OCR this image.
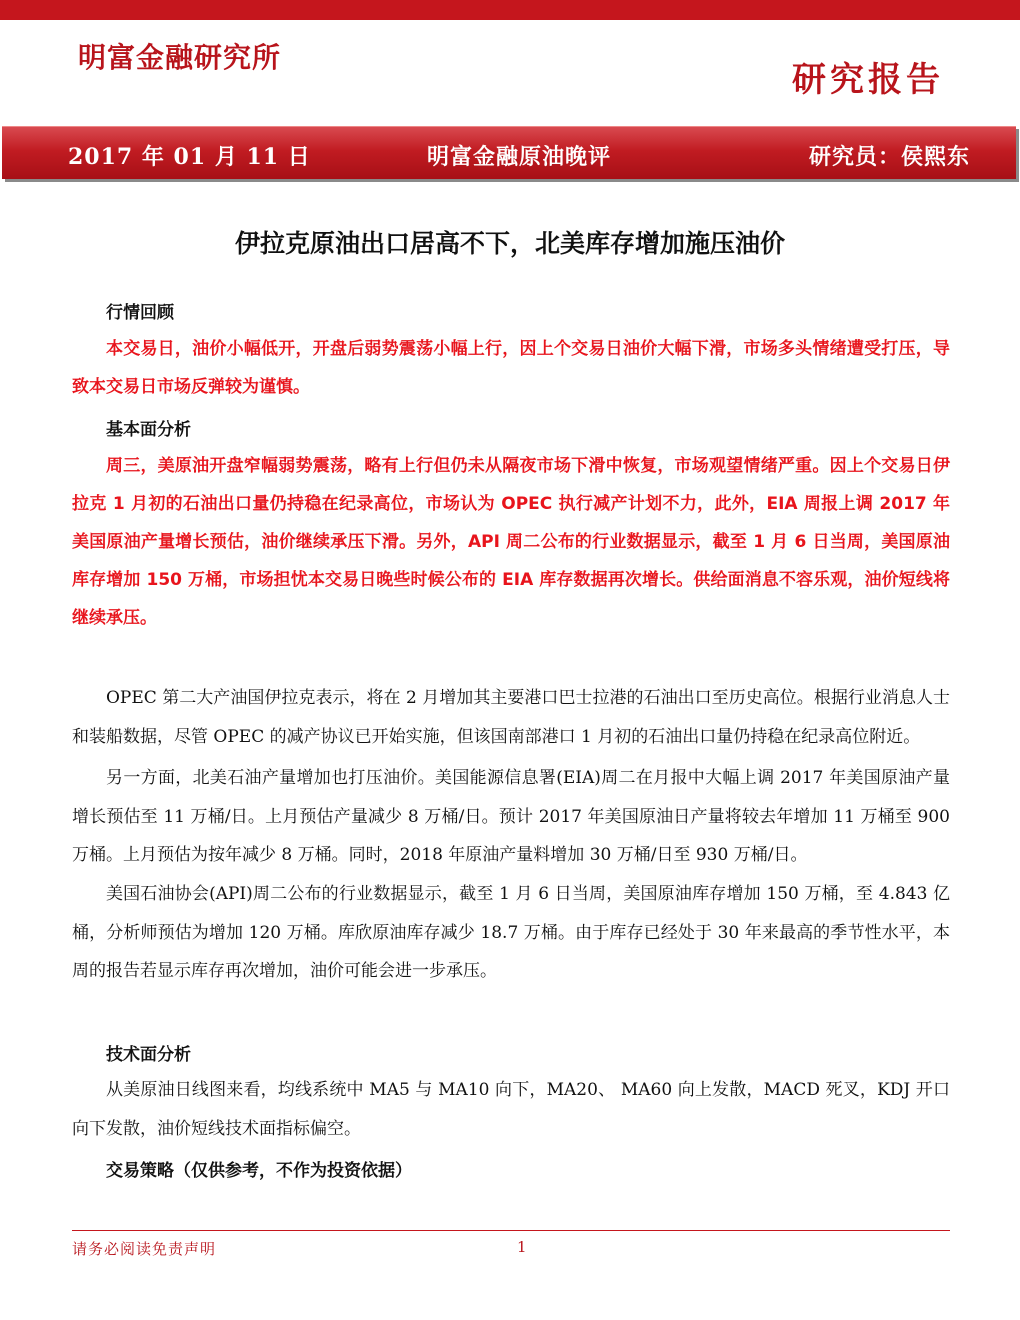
明富金融研究所
研究报告
2017 年 01 月 11 日	明富金融原油晚评	研究员：侯熙东
伊拉克原油出口居高不下，北美库存增加施压油价
行情回顾

本交易日，油价小幅低开，开盘后弱势震荡小幅上行，因上个交易日油价大幅下滑，市场多头情绪遭受打压，导致本交易日市场反弹较为谨慎。

基本面分析

周三，美原油开盘窄幅弱势震荡，略有上行但仍未从隔夜市场下滑中恢复，市场观望情绪严重。因上个交易日伊拉克 1 月初的石油出口量仍持稳在纪录高位，市场认为 OPEC 执行减产计划不力，此外，EIA 周报上调 2017 年美国原油产量增长预估，油价继续承压下滑。另外，API 周二公布的行业数据显示，截至 1 月 6 日当周，美国原油库存增加 150 万桶，市场担忧本交易日晚些时候公布的 EIA 库存数据再次增长。供给面消息不容乐观，油价短线将继续承压。

OPEC 第二大产油国伊拉克表示，将在 2 月增加其主要港口巴士拉港的石油出口至历史高位。根据行业消息人士和装船数据，尽管 OPEC 的减产协议已开始实施，但该国南部港口 1 月初的石油出口量仍持稳在纪录高位附近。

另一方面，北美石油产量增加也打压油价。美国能源信息署(EIA)周二在月报中大幅上调 2017 年美国原油产量增长预估至 11 万桶/日。上月预估产量减少 8 万桶/日。预计 2017 年美国原油日产量将较去年增加 11 万桶至 900 万桶。上月预估为按年减少 8 万桶。同时，2018 年原油产量料增加 30 万桶/日至 930 万桶/日。

美国石油协会(API)周二公布的行业数据显示，截至 1 月 6 日当周，美国原油库存增加 150 万桶，至 4.843 亿桶，分析师预估为增加 120 万桶。库欣原油库存减少 18.7 万桶。由于库存已经处于 30 年来最高的季节性水平，本周的报告若显示库存再次增加，油价可能会进一步承压。

技术面分析

从美原油日线图来看，均线系统中 MA5 与 MA10 向下，MA20、 MA60 向上发散，MACD 死叉，KDJ 开口向下发散，油价短线技术面指标偏空。

交易策略（仅供参考，不作为投资依据）
请务必阅读免责声明	1
